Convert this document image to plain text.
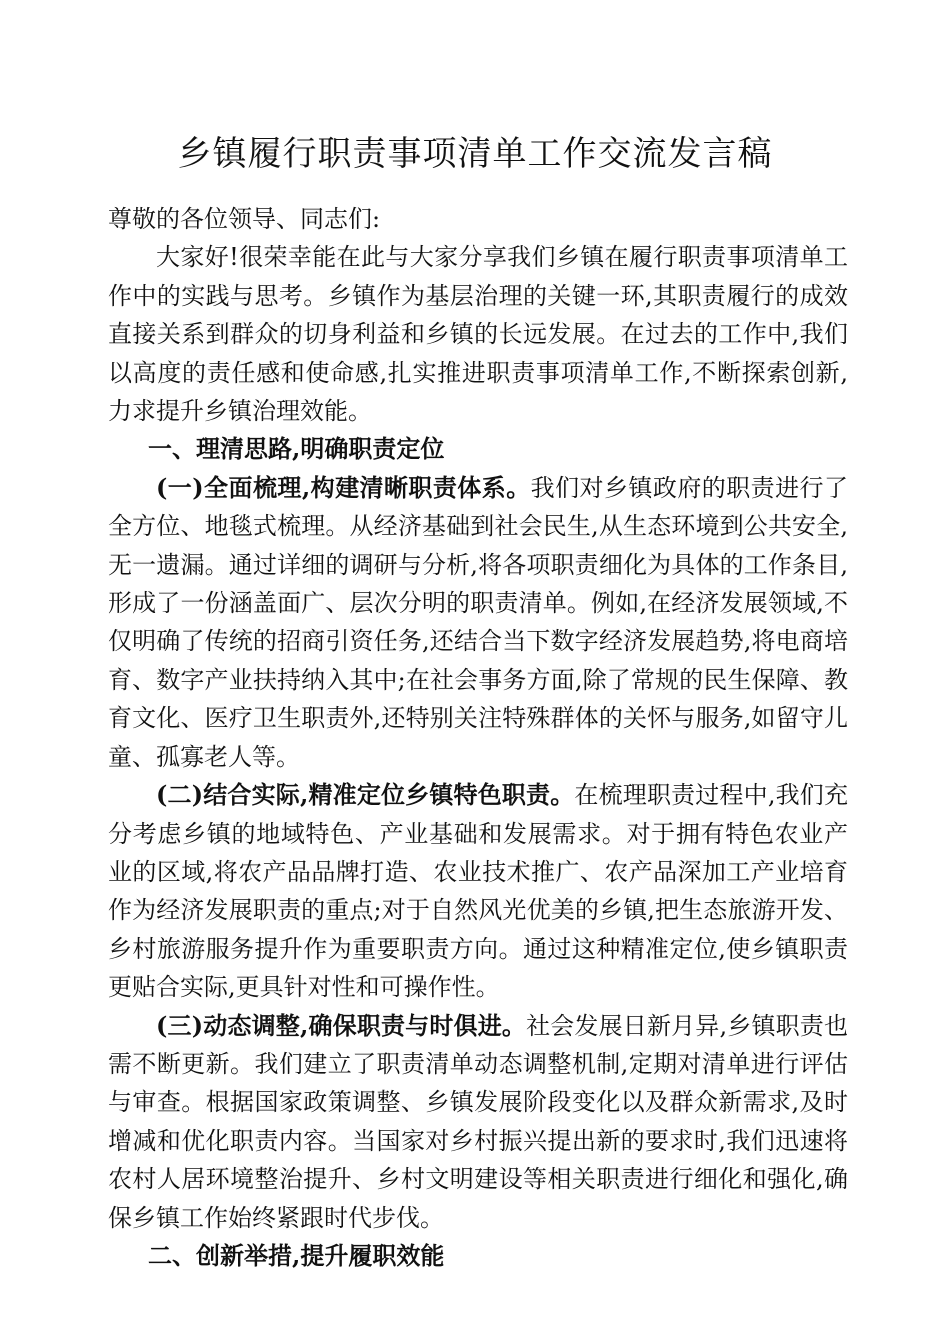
乡镇履行职责事项清单工作交流发言稿

尊敬的各位领导、同志们:

大家好!很荣幸能在此与大家分享我们乡镇在履行职责事项清单工作中的实践与思考。乡镇作为基层治理的关键一环,其职责履行的成效直接关系到群众的切身利益和乡镇的长远发展。在过去的工作中,我们以高度的责任感和使命感,扎实推进职责事项清单工作,不断探索创新,力求提升乡镇治理效能。

一、理清思路,明确职责定位

(一)全面梳理,构建清晰职责体系。我们对乡镇政府的职责进行了全方位、地毯式梳理。从经济基础到社会民生,从生态环境到公共安全,无一遗漏。通过详细的调研与分析,将各项职责细化为具体的工作条目,形成了一份涵盖面广、层次分明的职责清单。例如,在经济发展领域,不仅明确了传统的招商引资任务,还结合当下数字经济发展趋势,将电商培育、数字产业扶持纳入其中;在社会事务方面,除了常规的民生保障、教育文化、医疗卫生职责外,还特别关注特殊群体的关怀与服务,如留守儿童、孤寡老人等。

(二)结合实际,精准定位乡镇特色职责。在梳理职责过程中,我们充分考虑乡镇的地域特色、产业基础和发展需求。对于拥有特色农业产业的区域,将农产品品牌打造、农业技术推广、农产品深加工产业培育作为经济发展职责的重点;对于自然风光优美的乡镇,把生态旅游开发、乡村旅游服务提升作为重要职责方向。通过这种精准定位,使乡镇职责更贴合实际,更具针对性和可操作性。

(三)动态调整,确保职责与时俱进。社会发展日新月异,乡镇职责也需不断更新。我们建立了职责清单动态调整机制,定期对清单进行评估与审查。根据国家政策调整、乡镇发展阶段变化以及群众新需求,及时增减和优化职责内容。当国家对乡村振兴提出新的要求时,我们迅速将农村人居环境整治提升、乡村文明建设等相关职责进行细化和强化,确保乡镇工作始终紧跟时代步伐。

二、创新举措,提升履职效能
